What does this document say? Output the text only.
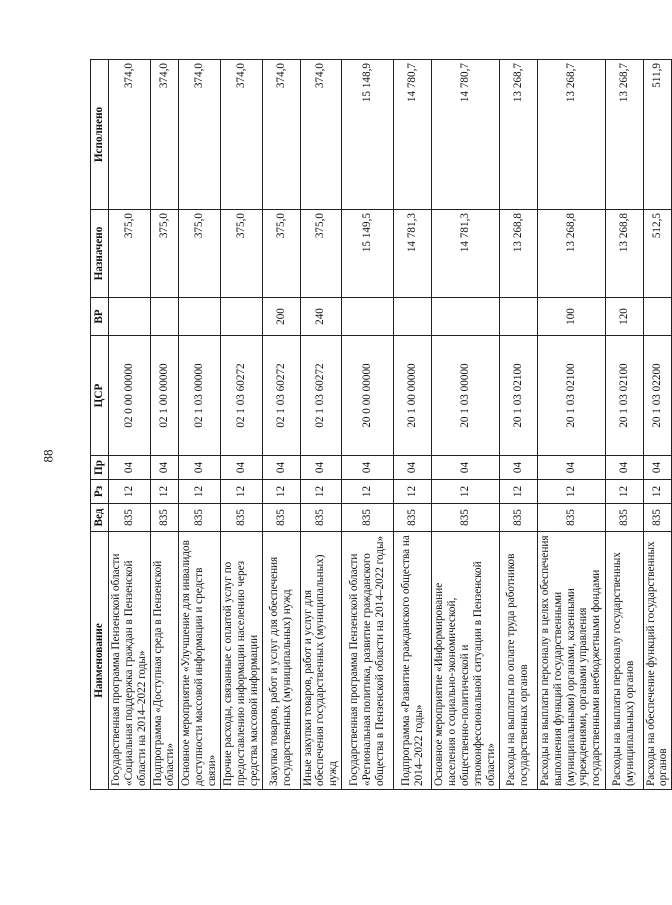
88
Наименование	Вед	Рз	Пр	ЦСР	ВР	Назначено	Исполнено
Государственная программа Пензенской области «Социальная поддержка граждан в Пензенской области на 2014–2022 годы»	835	12	04	02 0 00 00000		375,0	374,0
Подпрограмма «Доступная среда в Пензенской области»	835	12	04	02 1 00 00000		375,0	374,0
Основное мероприятие «Улучшение для инвалидов доступности массовой информации и средств связи»	835	12	04	02 1 03 00000		375,0	374,0
Прочие расходы, связанные с оплатой услуг по предоставлению информации населению через средства массовой информации	835	12	04	02 1 03 60272		375,0	374,0
Закупка товаров, работ и услуг для обеспечения государственных (муниципальных) нужд	835	12	04	02 1 03 60272	200	375,0	374,0
Иные закупки товаров, работ и услуг для обеспечения государственных (муниципальных) нужд	835	12	04	02 1 03 60272	240	375,0	374,0
Государственная программа Пензенской области «Региональная политика, развитие гражданского общества в Пензенской области на 2014–2022 годы»	835	12	04	20 0 00 00000		15 149,5	15 148,9
Подпрограмма «Развитие гражданского общества на 2014–2022 годы»	835	12	04	20 1 00 00000		14 781,3	14 780,7
Основное мероприятие «Информирование населения о социально-экономической, общественно-политической и этноконфессиональной ситуации в Пензенской области»	835	12	04	20 1 03 00000		14 781,3	14 780,7
Расходы на выплаты по оплате труда работников государственных органов	835	12	04	20 1 03 02100		13 268,8	13 268,7
Расходы на выплаты персоналу в целях обеспечения выполнения функций государственными (муниципальными) органами, казенными учреждениями, органами управления государственными внебюджетными фондами	835	12	04	20 1 03 02100	100	13 268,8	13 268,7
Расходы на выплаты персоналу государственных (муниципальных) органов	835	12	04	20 1 03 02100	120	13 268,8	13 268,7
Расходы на обеспечение функций государственных органов	835	12	04	20 1 03 02200		512,5	511,9
